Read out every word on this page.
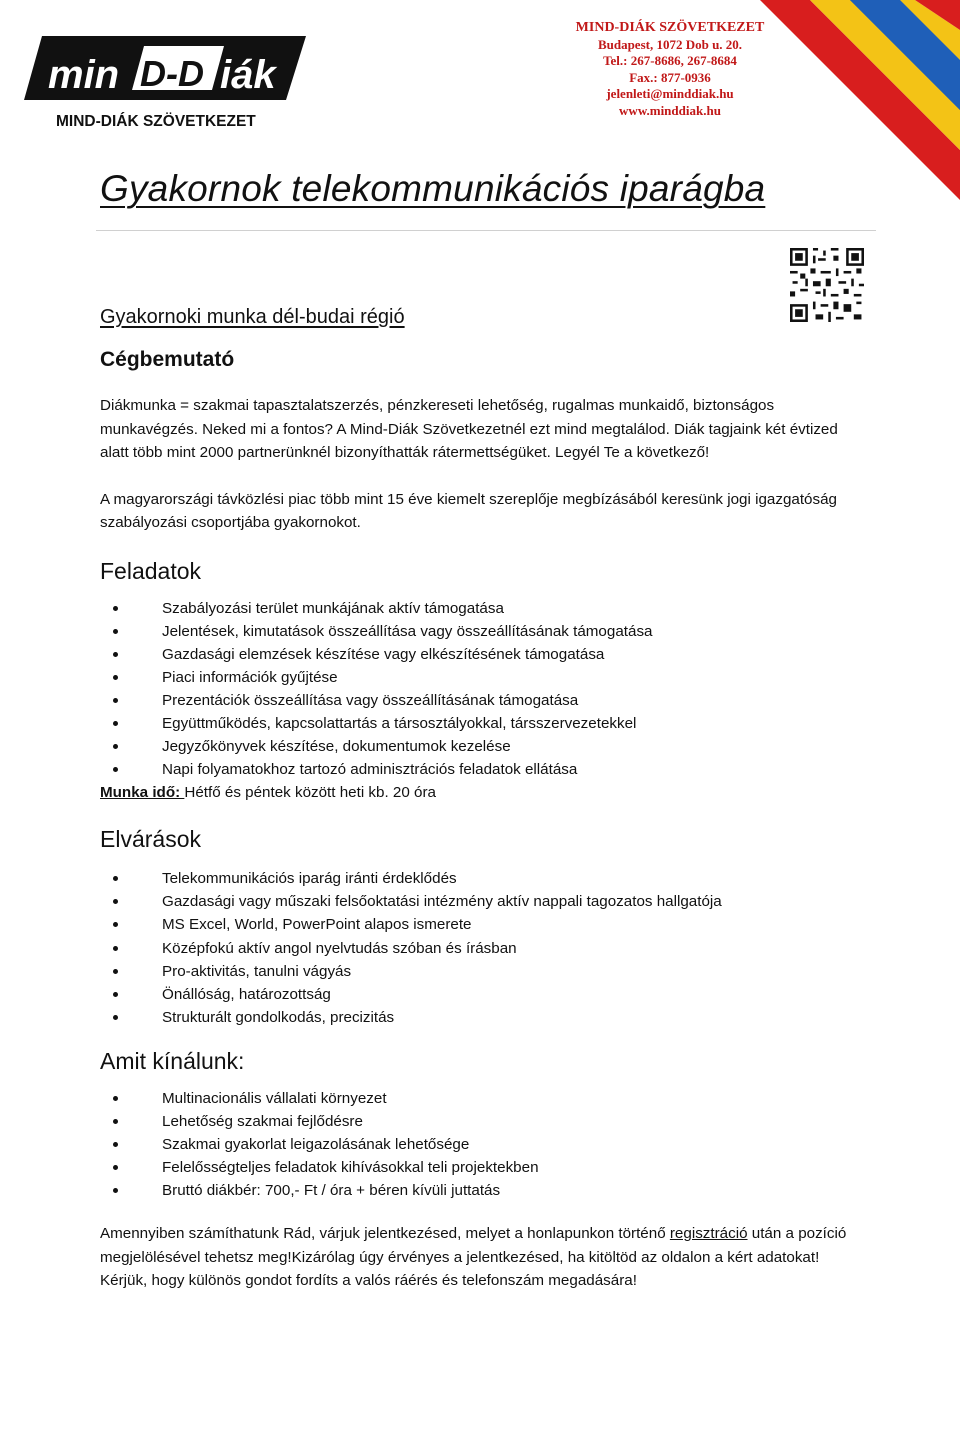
min D-D iák
MIND-DIÁK SZÖVETKEZET
MIND-DIÁK SZÖVETKEZET
Budapest, 1072 Dob u. 20.
Tel.: 267-8686, 267-8684
Fax.: 877-0936
jelenleti@minddiak.hu
www.minddiak.hu
Gyakornok telekommunikációs iparágba
Gyakornoki munka dél-budai régió
Cégbemutató

Diákmunka = szakmai tapasztalatszerzés, pénzkereseti lehetőség, rugalmas munkaidő, biztonságos munkavégzés. Neked mi a fontos? A Mind-Diák Szövetkezetnél ezt mind megtalálod. Diák tagjaink két évtized alatt több mint 2000 partnerünknél bizonyíthatták rátermettségüket. Legyél Te a következő!

A magyarországi távközlési piac több mint 15 éve kiemelt szereplője megbízásából keresünk jogi igazgatóság szabályozási csoportjába gyakornokot.

Feladatok
Szabályozási terület munkájának aktív támogatása
Jelentések, kimutatások összeállítása vagy összeállításának támogatása
Gazdasági elemzések készítése vagy elkészítésének támogatása
Piaci információk gyűjtése
Prezentációk összeállítása vagy összeállításának támogatása
Együttműködés, kapcsolattartás a társosztályokkal, társszervezetekkel
Jegyzőkönyvek készítése, dokumentumok kezelése
Napi folyamatokhoz tartozó adminisztrációs feladatok ellátása
Munka idő: Hétfő és péntek között heti kb. 20 óra
Elvárások
Telekommunikációs iparág iránti érdeklődés
Gazdasági vagy műszaki felsőoktatási intézmény aktív nappali tagozatos hallgatója
MS Excel, World, PowerPoint alapos ismerete
Középfokú aktív angol nyelvtudás szóban és írásban
Pro-aktivitás, tanulni vágyás
Önállóság, határozottság
Strukturált gondolkodás, precizitás
Amit kínálunk:
Multinacionális vállalati környezet
Lehetőség szakmai fejlődésre
Szakmai gyakorlat leigazolásának lehetősége
Felelősségteljes feladatok kihívásokkal teli projektekben
Bruttó diákbér: 700,- Ft / óra + béren kívüli juttatás

Amennyiben számíthatunk Rád, várjuk jelentkezésed, melyet a honlapunkon történő regisztráció után a pozíció megjelölésével tehetsz meg!Kizárólag úgy érvényes a jelentkezésed, ha kitöltöd az oldalon a kért adatokat! Kérjük, hogy különös gondot fordíts a valós ráérés és telefonszám megadására!
